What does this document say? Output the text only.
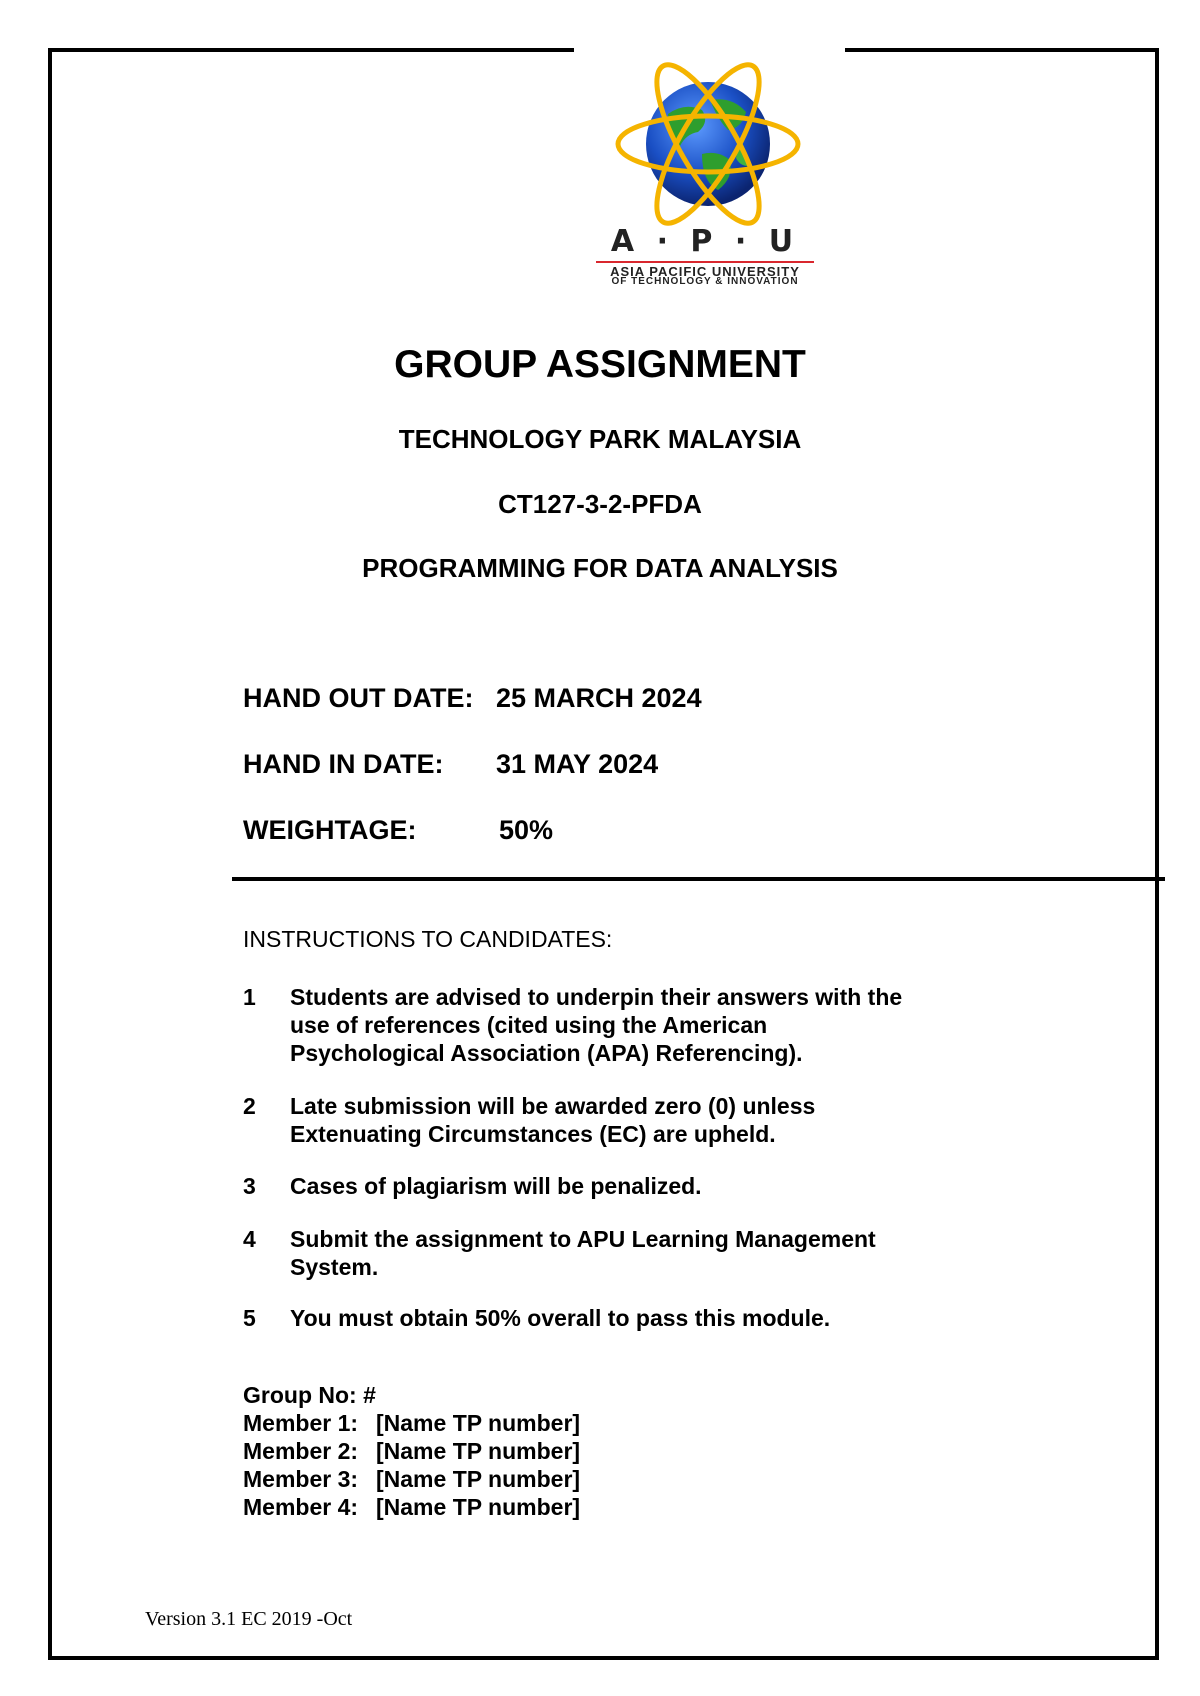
A · P · U
ASIA PACIFIC UNIVERSITY
OF TECHNOLOGY & INNOVATION
GROUP ASSIGNMENT
TECHNOLOGY PARK MALAYSIA
CT127-3-2-PFDA
PROGRAMMING FOR DATA ANALYSIS
HAND OUT DATE: 25 MARCH 2024
HAND IN DATE: 31 MAY 2024
WEIGHTAGE:	50%
INSTRUCTIONS TO CANDIDATES:
1 Students are advised to underpin their answers with the
use of references (cited using the American
Psychological Association (APA) Referencing).
2 Late submission will be awarded zero (0) unless
Extenuating Circumstances (EC) are upheld.
3 Cases of plagiarism will be penalized.
4 Submit the assignment to APU Learning Management
System.
5 You must obtain 50% overall to pass this module.
Group No: #
Member 1: [Name TP number]
Member 2: [Name TP number]
Member 3: [Name TP number]
Member 4: [Name TP number]
Version 3.1 EC 2019 -Oct
